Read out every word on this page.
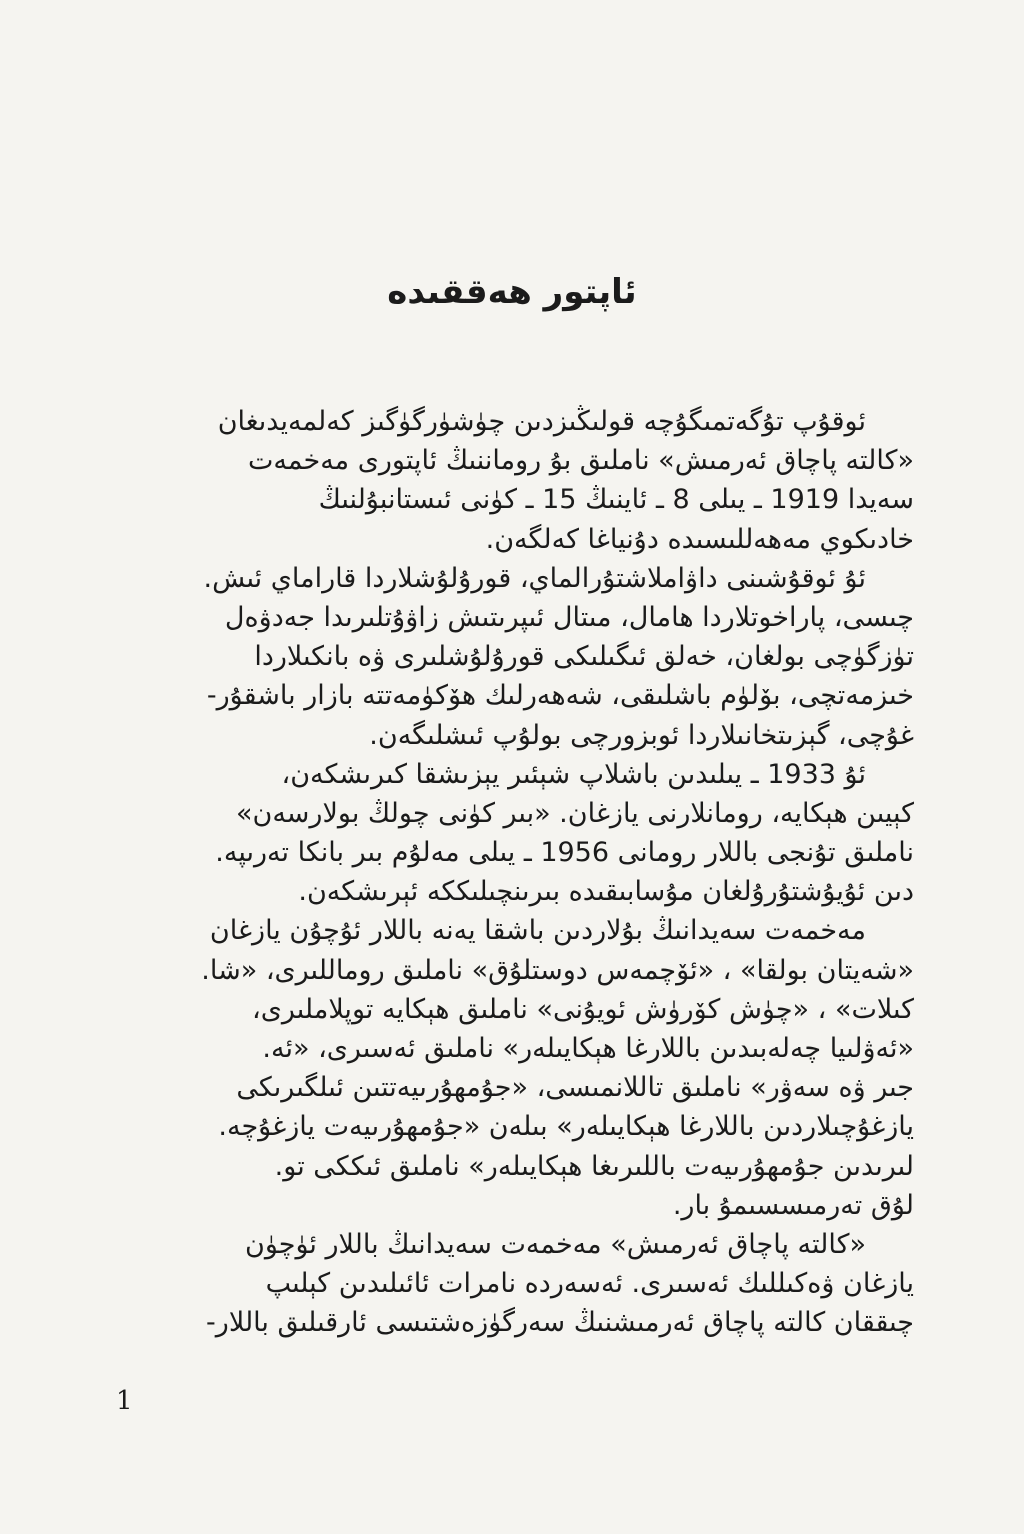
ئاپتور ھەققىدە
ئوقۇپ تۇگەتمىگۇچە قولىڭىزدىن چۈشۈرگۈگىز كەلمەيدىغان
«كالتە پاچاق ئەرمىش» ناملىق بۇ روماننىڭ ئاپتورى مەخمەت
سەيدا 1919 ـ يىلى 8 ـ ئاينىڭ 15 ـ كۈنى ئىستانبۇلنىڭ
خادىكوي مەھەللىسىدە دۇنياغا كەلگەن.
ئۇ ئوقۇشىنى داۋاملاشتۇرالماي، قورۇلۇشلاردا قاراماي ئىش.
چىسى، پاراخوتلاردا ھامال، مىتال ئىپرىتىش زاۋۇتلىرىدا جەدۋەل
تۈزگۈچى بولغان، خەلق ئىگىلىكى قورۇلۇشلىرى ۋە بانكىلاردا
خىزمەتچى، بۆلۈم باشلىقى، شەھەرلىك ھۆكۈمەتتە بازار باشقۇر-
غۇچى، گېزىتخانىلاردا ئوبزورچى بولۇپ ئىشلىگەن.
ئۇ 1933 ـ يىلىدىن باشلاپ شېئىر يېزىشقا كىرىشكەن،
كېيىن ھېكايە، رومانلارنى يازغان. «بىر كۈنى چولڭ بولارسەن»
ناملىق تۇنجى باللار رومانى 1956 ـ يىلى مەلۇم بىر بانكا تەرىپە.
دىن ئۇيۇشتۇرۇلغان مۇسابىقىدە بىرىنچىلىككە ئېرىشكەن.
مەخمەت سەيدانىڭ بۇلاردىن باشقا يەنە باللار ئۇچۇن يازغان
«شەيتان بولقا» ، «ئۆچمەس دوستلۇق» ناملىق روماللىرى، «شا.
كىلات» ، «چۈش كۆرۈش ئويۇنى» ناملىق ھېكايە توپلاملىرى،
«ئەۋلىيا چەلەبىدىن باللارغا ھېكايىلەر» ناملىق ئەسىرى، «ئە.
جىر ۋە سەۋر» ناملىق تاللانمىسى، «جۇمھۇرىيەتتىن ئىلگىرىكى
يازغۇچىلاردىن باللارغا ھېكايىلەر» بىلەن «جۇمھۇرىيەت يازغۇچە.
لىرىدىن جۇمھۇرىيەت باللىرىغا ھېكايىلەر» ناملىق ئىككى تو.
لۇق تەرمىسسىمۇ بار.
«كالتە پاچاق ئەرمىش» مەخمەت سەيدانىڭ باللار ئۈچۈن
يازغان ۋەكىللىك ئەسىرى. ئەسەردە نامرات ئائىلىدىن كېلىپ
چىققان كالتە پاچاق ئەرمىشنىڭ سەرگۈزەشتىسى ئارقىلىق باللار-
1
